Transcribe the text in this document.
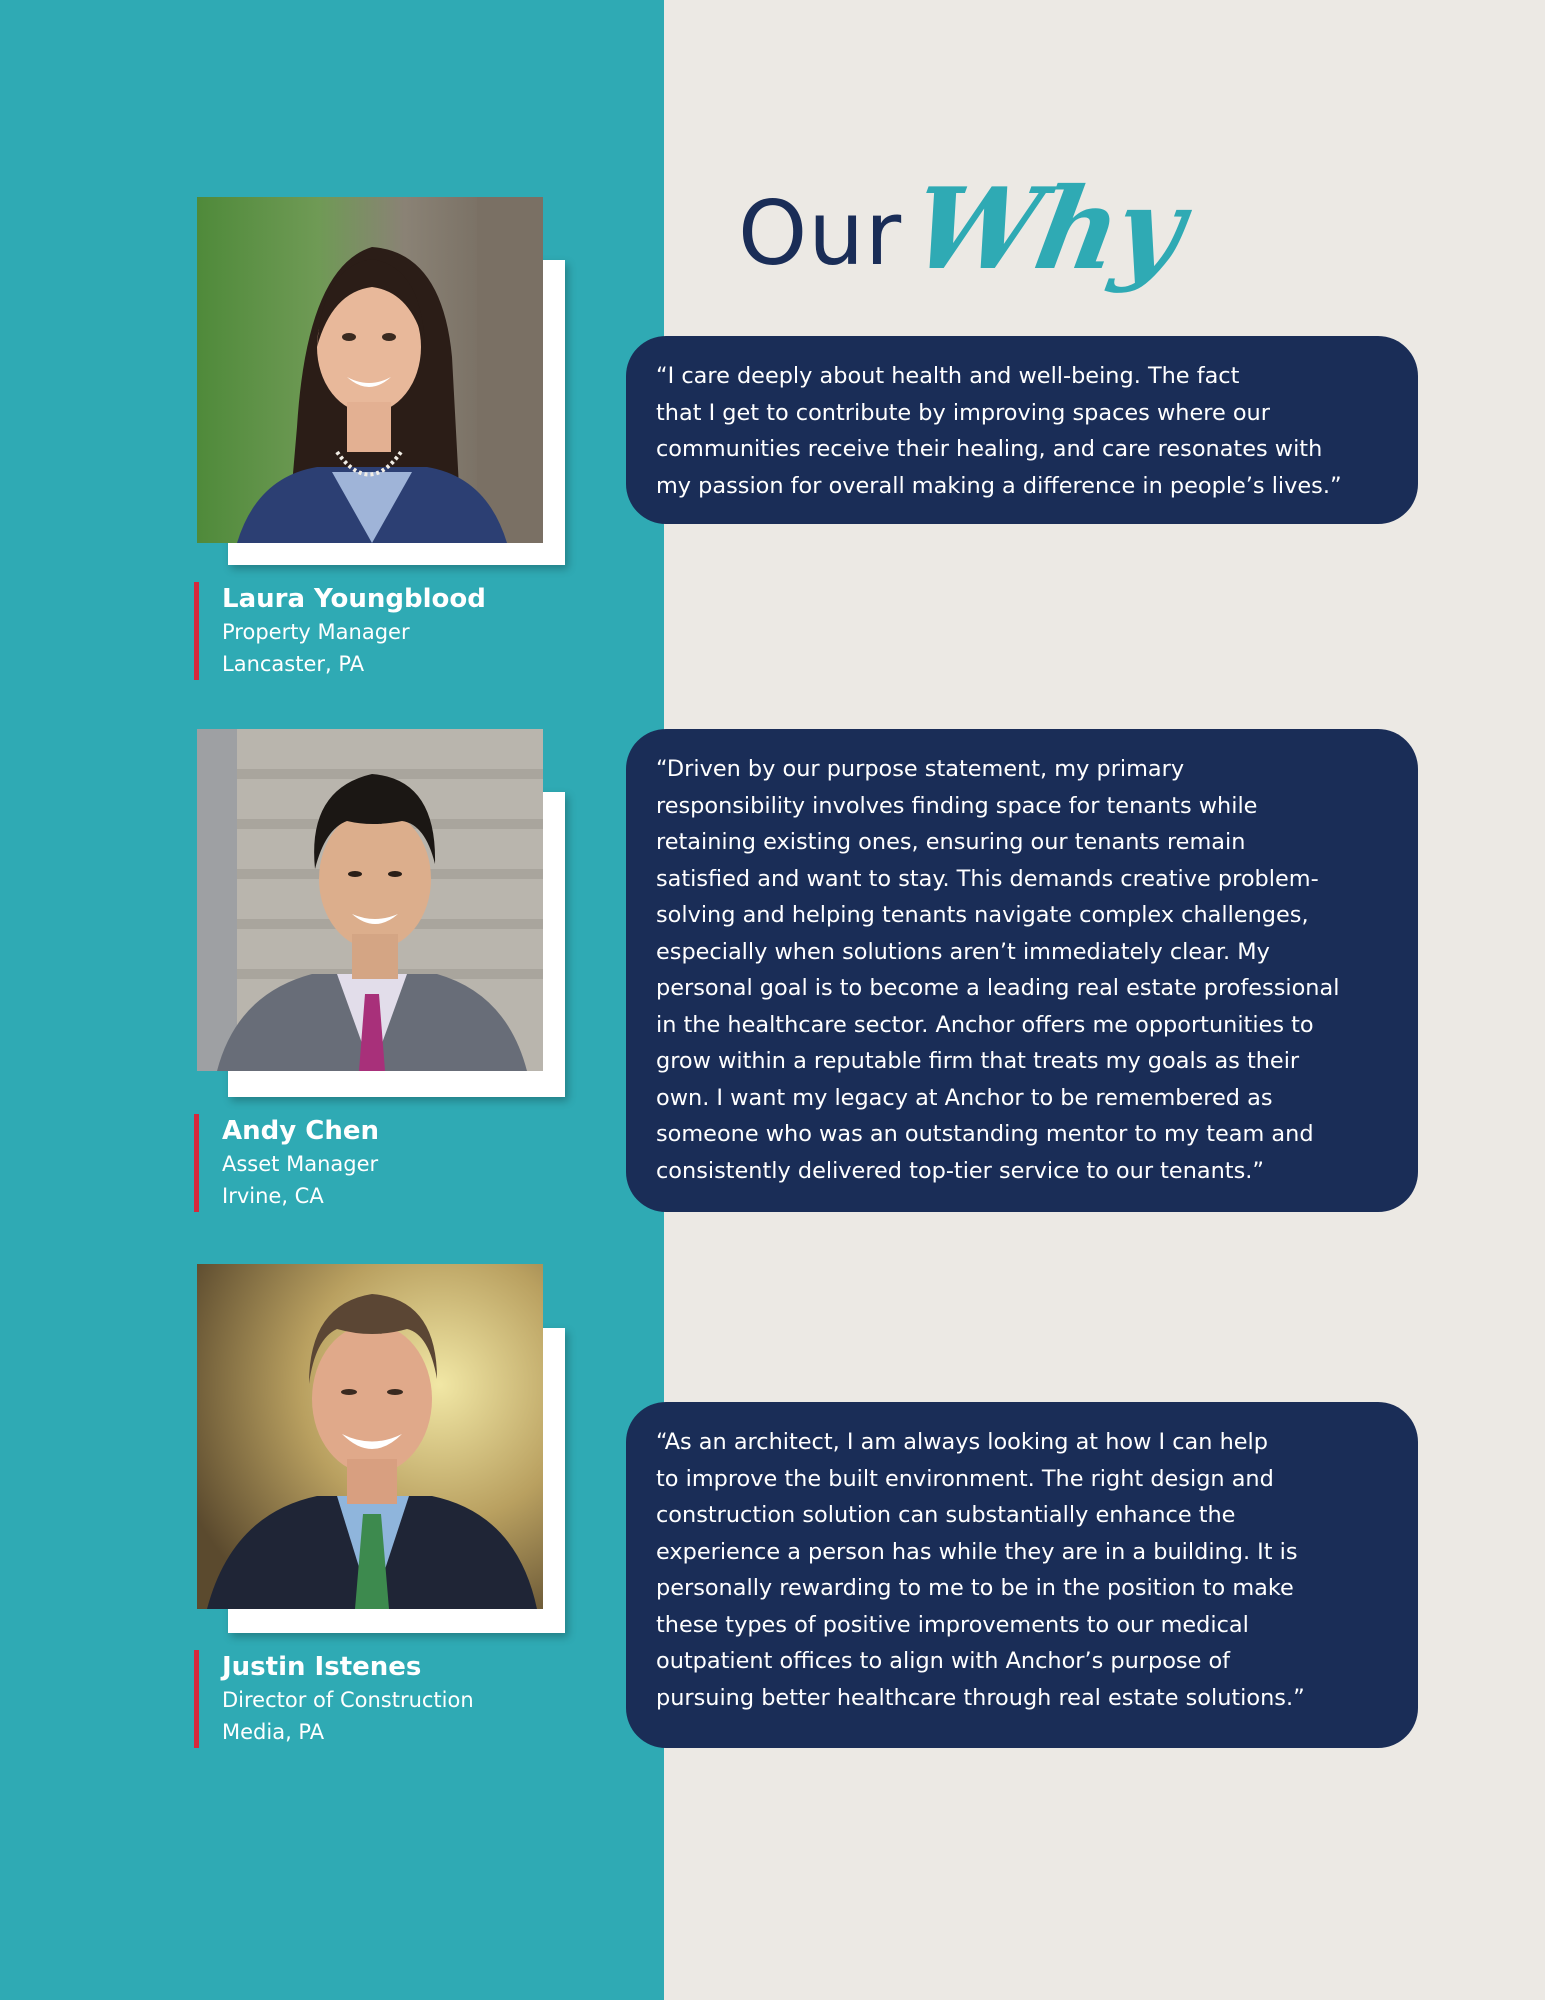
Our Why
Laura Youngblood
Property Manager
Lancaster, PA

“I care deeply about health and well-being. The fact
that I get to contribute by improving spaces where our
communities receive their healing, and care resonates with
my passion for overall making a difference in people’s lives.”

Andy Chen
Asset Manager
Irvine, CA

“Driven by our purpose statement, my primary
responsibility involves finding space for tenants while
retaining existing ones, ensuring our tenants remain
satisfied and want to stay. This demands creative problem-
solving and helping tenants navigate complex challenges,
especially when solutions aren’t immediately clear. My
personal goal is to become a leading real estate professional
in the healthcare sector. Anchor offers me opportunities to
grow within a reputable firm that treats my goals as their
own. I want my legacy at Anchor to be remembered as
someone who was an outstanding mentor to my team and
consistently delivered top-tier service to our tenants.”

Justin Istenes
Director of Construction
Media, PA

“As an architect, I am always looking at how I can help
to improve the built environment. The right design and
construction solution can substantially enhance the
experience a person has while they are in a building. It is
personally rewarding to me to be in the position to make
these types of positive improvements to our medical
outpatient offices to align with Anchor’s purpose of
pursuing better healthcare through real estate solutions.”
